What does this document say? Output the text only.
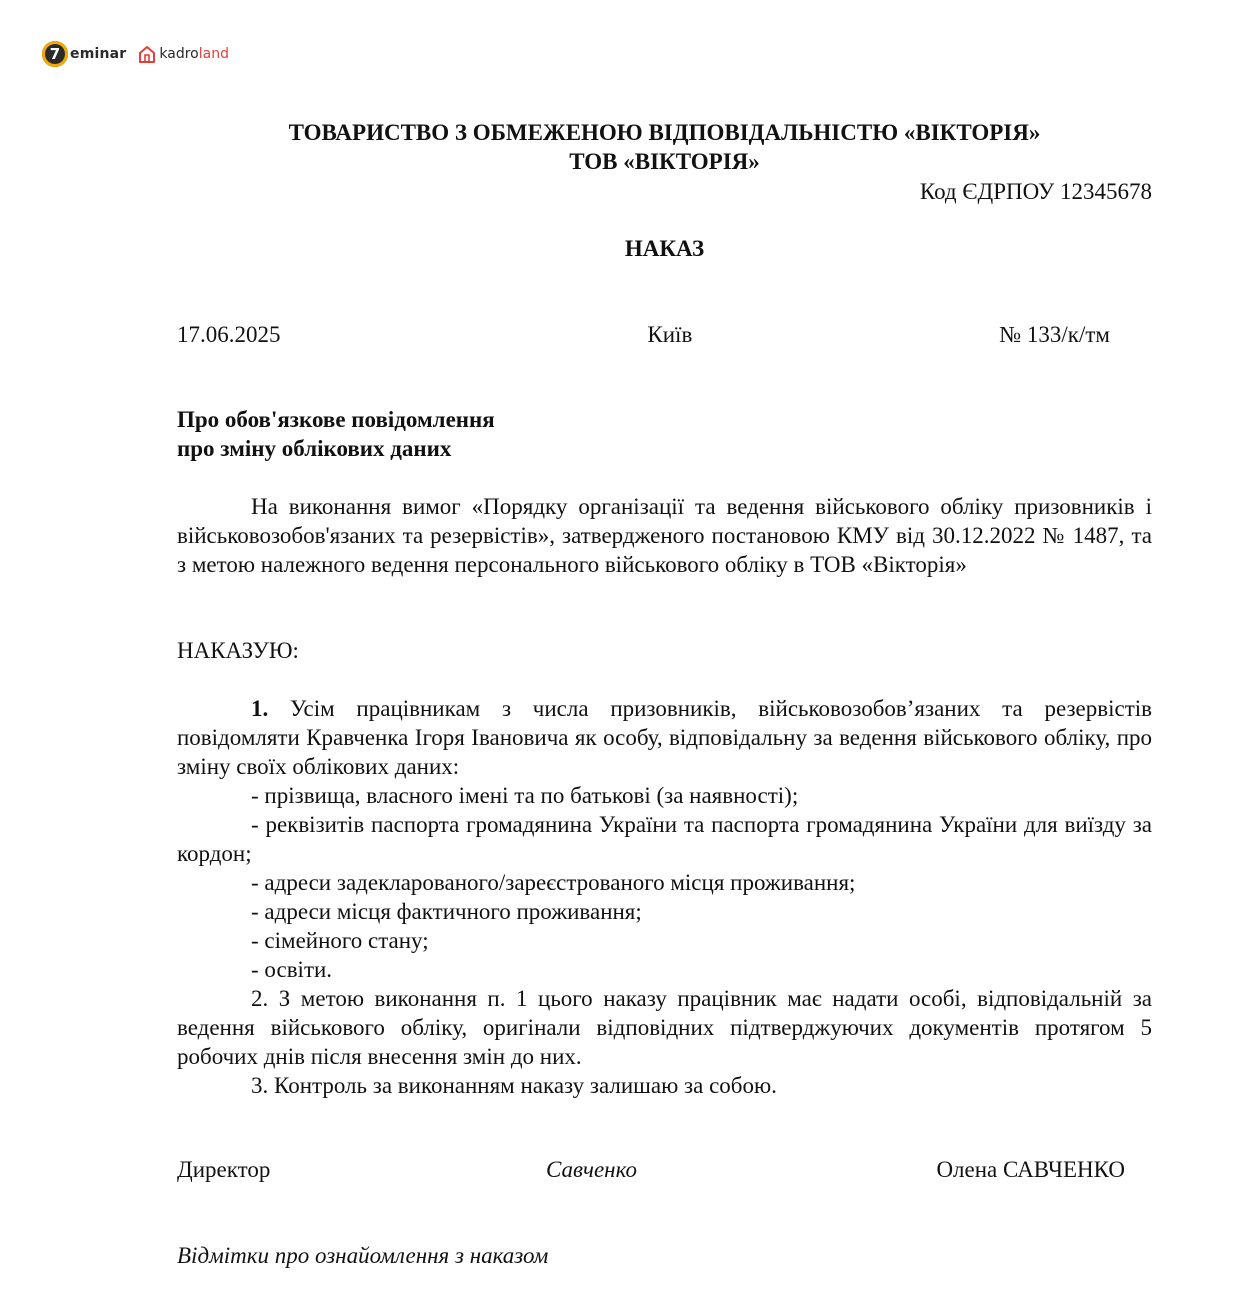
7 eminar kadroland
ТОВАРИСТВО З ОБМЕЖЕНОЮ ВІДПОВІДАЛЬНІСТЮ «ВІКТОРІЯ»
ТОВ «ВІКТОРІЯ»
Код ЄДРПОУ 12345678
НАКАЗ
17.06.2025	Київ	№ 133/к/тм
Про обов'язкове повідомлення
про зміну облікових даних
На виконання вимог «Порядку організації та ведення військового обліку призовників і військовозобов'язаних та резервістів», затвердженого постановою КМУ від 30.12.2022 № 1487, та з метою належного ведення персонального військового обліку в ТОВ «Вікторія»
НАКАЗУЮ:

1. Усім працівникам з числа призовників, військовозобов’язаних та резервістів повідомляти Кравченка Ігоря Івановича як особу, відповідальну за ведення військового обліку, про зміну своїх облікових даних:

- прізвища, власного імені та по батькові (за наявності);

- реквізитів паспорта громадянина України та паспорта громадянина України для виїзду за кордон;

- адреси задекларованого/зареєстрованого місця проживання;

- адреси місця фактичного проживання;

- сімейного стану;

- освіти.

2. З метою виконання п. 1 цього наказу працівник має надати особі, відповідальній за ведення військового обліку, оригінали відповідних підтверджуючих документів протягом 5 робочих днів після внесення змін до них.

3. Контроль за виконанням наказу залишаю за собою.

Директор	Савченко	Олена САВЧЕНКО
Відмітки про ознайомлення з наказом
